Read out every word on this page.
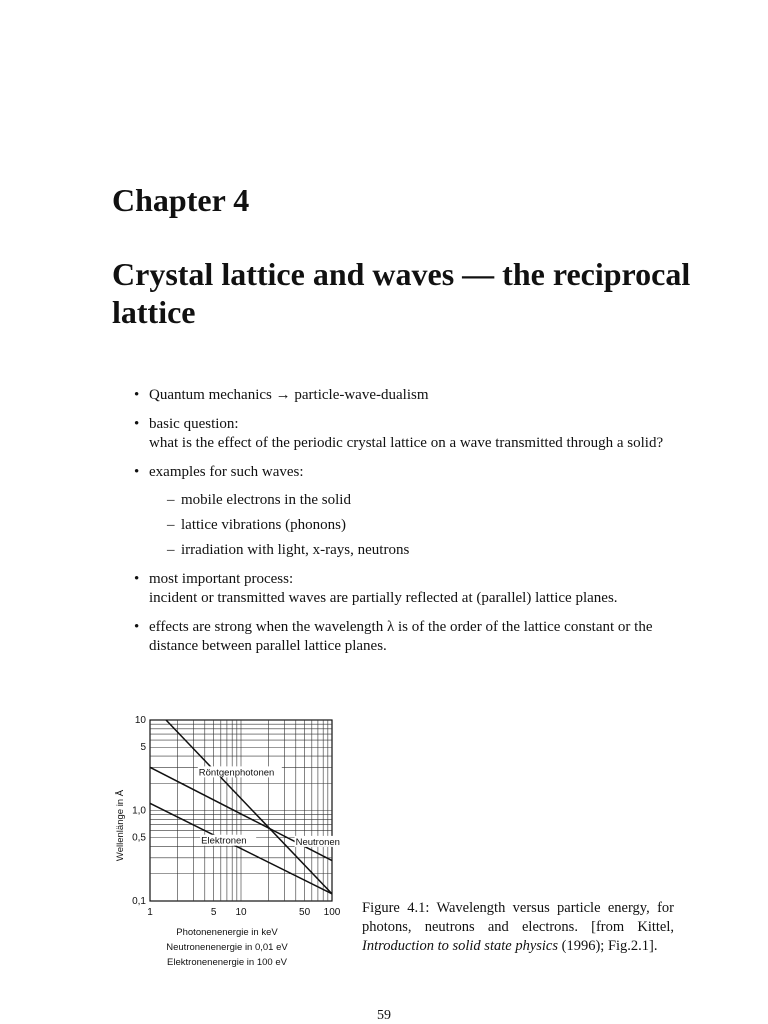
Chapter 4
Crystal lattice and waves — the reciprocal lattice
• Quantum mechanics → particle-wave-dualism
• basic question:
what is the effect of the periodic crystal lattice on a wave transmitted through a solid?
• examples for such waves:
– mobile electrons in the solid
– lattice vibrations (phonons)
– irradiation with light, x-rays, neutrons
• most important process:
incident or transmitted waves are partially reflected at (parallel) lattice planes.
• effects are strong when the wavelength λ is of the order of the lattice constant or the distance between parallel lattice planes.
1	5 10	50 100
10
5
1,0
0,5
0,1
Röntgenphotonen
Neutronen
Elektronen
Wellenlänge in Å
Photonenenergie in keV
Neutronenenergie in 0,01 eV
Elektronenenergie in 100 eV
Figure 4.1: Wavelength versus particle energy, for photons, neutrons and electrons. [from Kittel, Introduction to solid state physics (1996); Fig.2.1].
59
